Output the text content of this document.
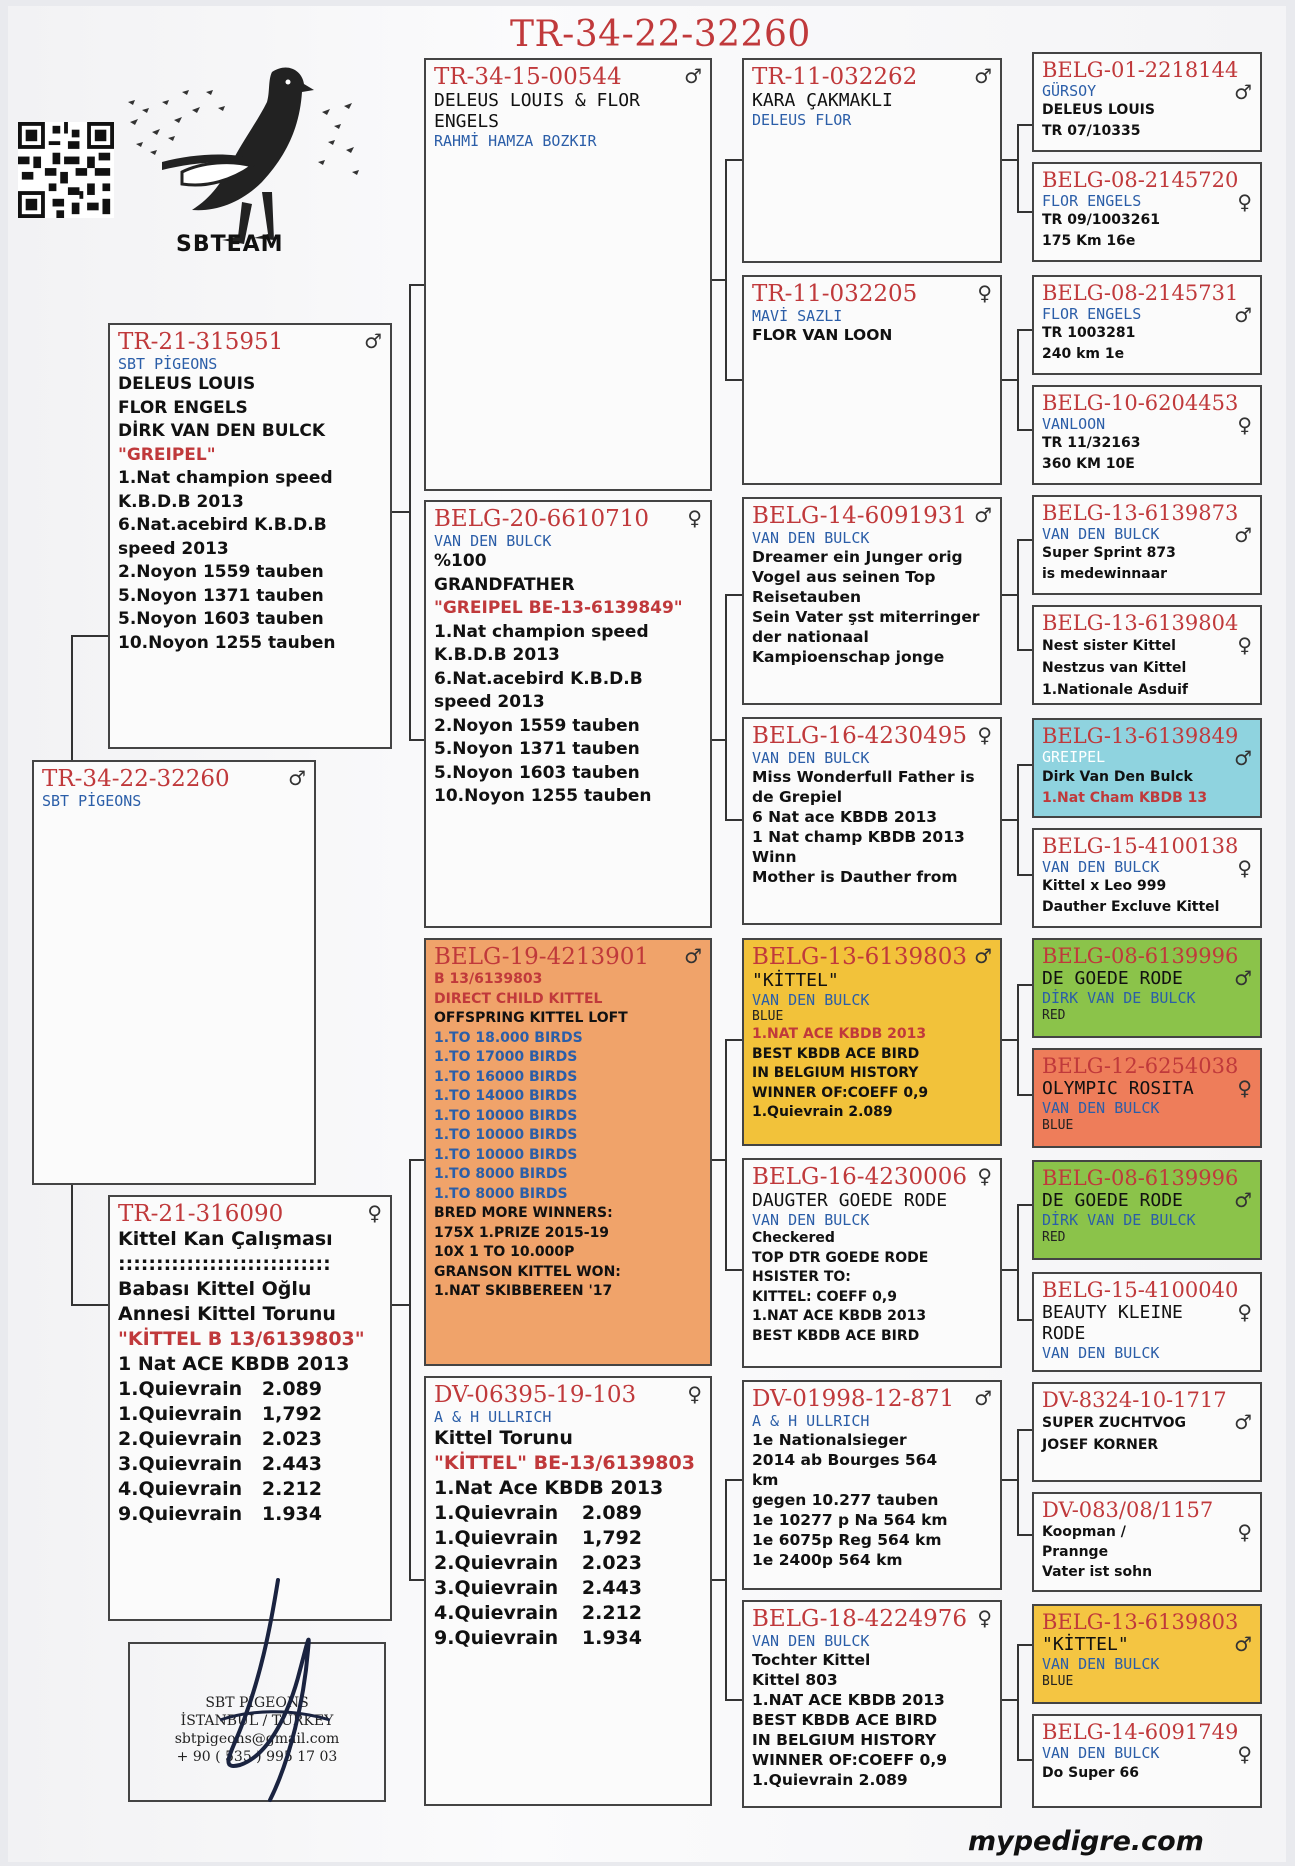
TR-34-22-32260
SBTEAM
TR-34-22-32260	♂
SBT PİGEONS
TR-21-315951	♂
SBT PİGEONS
DELEUS LOUIS
FLOR ENGELS
DİRK VAN DEN BULCK
"GREIPEL"
1.Nat champion speed
K.B.D.B 2013
6.Nat.acebird K.B.D.B
speed 2013
2.Noyon 1559 tauben
5.Noyon 1371 tauben
5.Noyon 1603 tauben
10.Noyon 1255 tauben
TR-21-316090	♀
Kittel Kan Çalışması
::::::::::::::::::::::::::::
Babası Kittel Oğlu
Annesi Kittel Torunu
"KİTTEL B 13/6139803"
1 Nat ACE KBDB 2013
1.Quievrain 2.089
1.Quievrain 1,792
2.Quievrain 2.023
3.Quievrain 2.443
4.Quievrain 2.212
9.Quievrain 1.934
SBT PİGEONS
İSTANBUL / TURKEY
sbtpigeons@gmail.com
+ 90 ( 535 ) 995 17 03
TR-34-15-00544	♂
DELEUS LOUIS & FLOR
ENGELS
RAHMİ HAMZA BOZKIR
BELG-20-6610710	♀
VAN DEN BULCK
%100
GRANDFATHER
"GREIPEL BE-13-6139849"
1.Nat champion speed
K.B.D.B 2013
6.Nat.acebird K.B.D.B
speed 2013
2.Noyon 1559 tauben
5.Noyon 1371 tauben
5.Noyon 1603 tauben
10.Noyon 1255 tauben
BELG-19-4213901	♂
B 13/6139803
DIRECT CHILD KITTEL
OFFSPRING KITTEL LOFT
1.TO 18.000 BIRDS
1.TO 17000 BIRDS
1.TO 16000 BIRDS
1.TO 14000 BIRDS
1.TO 10000 BIRDS
1.TO 10000 BIRDS
1.TO 10000 BIRDS
1.TO 8000 BIRDS
1.TO 8000 BIRDS
BRED MORE WINNERS:
175X 1.PRIZE 2015-19
10X 1 TO 10.000P
GRANSON KITTEL WON:
1.NAT SKIBBEREEN '17
DV-06395-19-103	♀
A & H ULLRICH
Kittel Torunu
"KİTTEL" BE-13/6139803
1.Nat Ace KBDB 2013
1.Quievrain 2.089
1.Quievrain 1,792
2.Quievrain 2.023
3.Quievrain 2.443
4.Quievrain 2.212
9.Quievrain 1.934
TR-11-032262	♂
KARA ÇAKMAKLI
DELEUS FLOR
TR-11-032205	♀
MAVİ SAZLI
FLOR VAN LOON
BELG-14-6091931 ♂
VAN DEN BULCK
Dreamer ein Junger orig
Vogel aus seinen Top
Reisetauben
Sein Vater şst miterringer
der nationaal
Kampioenschap jonge
BELG-16-4230495 ♀
VAN DEN BULCK
Miss Wonderfull Father is
de Grepiel
6 Nat ace KBDB 2013
1 Nat champ KBDB 2013
Winn
Mother is Dauther from
BELG-13-6139803 ♂
"KİTTEL"
VAN DEN BULCK
BLUE
1.NAT ACE KBDB 2013
BEST KBDB ACE BIRD
IN BELGIUM HISTORY
WINNER OF:COEFF 0,9
1.Quievrain 2.089
BELG-16-4230006 ♀
DAUGTER GOEDE RODE
VAN DEN BULCK
Checkered
TOP DTR GOEDE RODE
HSISTER TO:
KITTEL: COEFF 0,9
1.NAT ACE KBDB 2013
BEST KBDB ACE BIRD
DV-01998-12-871 ♂
A & H ULLRICH
1e Nationalsieger
2014 ab Bourges 564
km
gegen 10.277 tauben
1e 10277 p Na 564 km
1e 6075p Reg 564 km
1e 2400p 564 km
BELG-18-4224976 ♀
VAN DEN BULCK
Tochter Kittel
Kittel 803
1.NAT ACE KBDB 2013
BEST KBDB ACE BIRD
IN BELGIUM HISTORY
WINNER OF:COEFF 0,9
1.Quievrain 2.089
BELG-01-2218144
♂
GÜRSOY
DELEUS LOUIS
TR 07/10335
BELG-08-2145720
♀
FLOR ENGELS
TR 09/1003261
175 Km 16e
BELG-08-2145731
♂
FLOR ENGELS
TR 1003281
240 km 1e
BELG-10-6204453
♀
VANLOON
TR 11/32163
360 KM 10E
BELG-13-6139873
♂
VAN DEN BULCK
Super Sprint 873
is medewinnaar
BELG-13-6139804
♀
Nest sister Kittel
Nestzus van Kittel
1.Nationale Asduif
BELG-13-6139849
♂
GREIPEL
Dirk Van Den Bulck
1.Nat Cham KBDB 13
BELG-15-4100138
♀
VAN DEN BULCK
Kittel x Leo 999
Dauther Excluve Kittel
BELG-08-6139996
♂
DE GOEDE RODE
DİRK VAN DE BULCK
RED
BELG-12-6254038
♀
OLYMPIC ROSITA
VAN DEN BULCK
BLUE
BELG-08-6139996
♂
DE GOEDE RODE
DİRK VAN DE BULCK
RED
BELG-15-4100040
♀
BEAUTY KLEINE RODE
VAN DEN BULCK
DV-8324-10-1717
♂
SUPER ZUCHTVOG
JOSEF KORNER
DV-083/08/1157
♀
Koopman /
Prannge
Vater ist sohn
BELG-13-6139803
♂
"KİTTEL"
VAN DEN BULCK
BLUE
BELG-14-6091749
♀
VAN DEN BULCK
Do Super 66
mypedigre.com
